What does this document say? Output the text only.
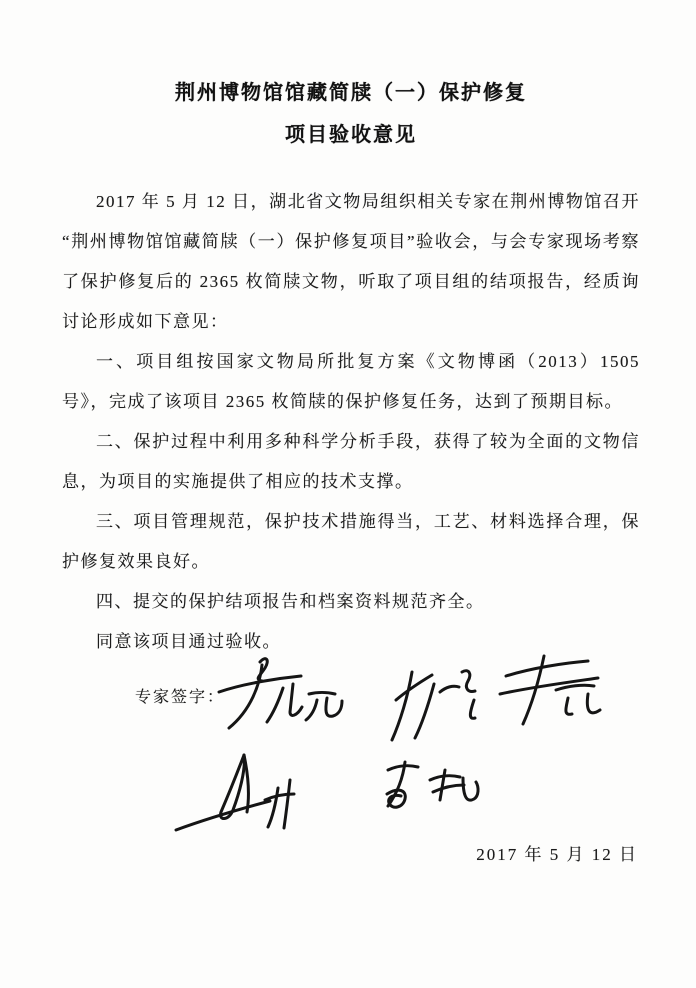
荆州博物馆馆藏简牍（一）保护修复
项目验收意见

2017 年 5 月 12 日，湖北省文物局组织相关专家在荆州博物馆召开“荆州博物馆馆藏简牍（一）保护修复项目”验收会，与会专家现场考察了保护修复后的 2365 枚简牍文物，听取了项目组的结项报告，经质询讨论形成如下意见：

一、项目组按国家文物局所批复方案《文物博函（2013）1505 号》，完成了该项目 2365 枚简牍的保护修复任务，达到了预期目标。

二、保护过程中利用多种科学分析手段，获得了较为全面的文物信息，为项目的实施提供了相应的技术支撑。

三、项目管理规范，保护技术措施得当，工艺、材料选择合理，保护修复效果良好。

四、提交的保护结项报告和档案资料规范齐全。

同意该项目通过验收。

专家签字：
2017 年 5 月 12 日
